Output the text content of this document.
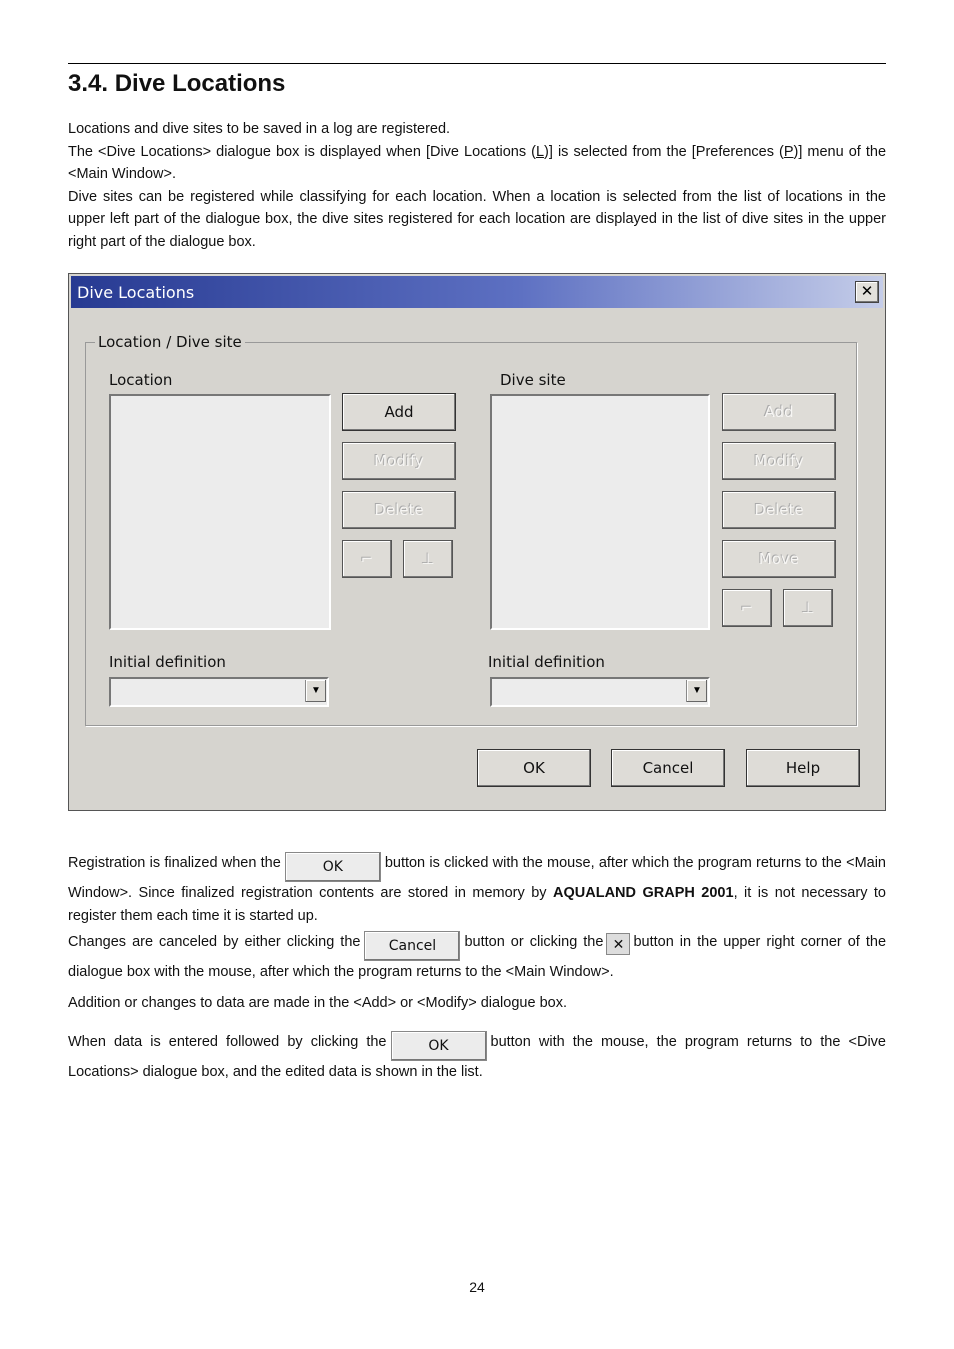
3.4. Dive Locations

Locations and dive sites to be saved in a log are registered.
The <Dive Locations> dialogue box is displayed when [Dive Locations (L)] is selected from the [Preferences (P)] menu of the <Main Window>.
Dive sites can be registered while classifying for each location. When a location is selected from the list of locations in the upper left part of the dialogue box, the dive sites registered for each location are displayed in the list of dive sites in the upper right part of the dialogue box.

Dive Locations	✕
Location / Dive site
Location
Add
Modify
Delete
⌐	⊥
Initial definition
▼
Dive site
Add
Modify
Delete
Move
⌐	⊥
Initial definition
▼
OK	Cancel	Help

Registration is finalized when the	OK	button is clicked with the mouse, after which the program returns to the <Main Window>. Since finalized registration contents are stored in memory by AQUALAND GRAPH 2001, it is not necessary to register them each time it is started up.

Changes are canceled by either clicking the Cancel button or clicking the ✕ button in the upper right corner of the dialogue box with the mouse, after which the program returns to the <Main Window>.

Addition or changes to data are made in the <Add> or <Modify> dialogue box.

When data is entered followed by clicking the	OK	button with the mouse, the program returns to the <Dive Locations> dialogue box, and the edited data is shown in the list.

24
